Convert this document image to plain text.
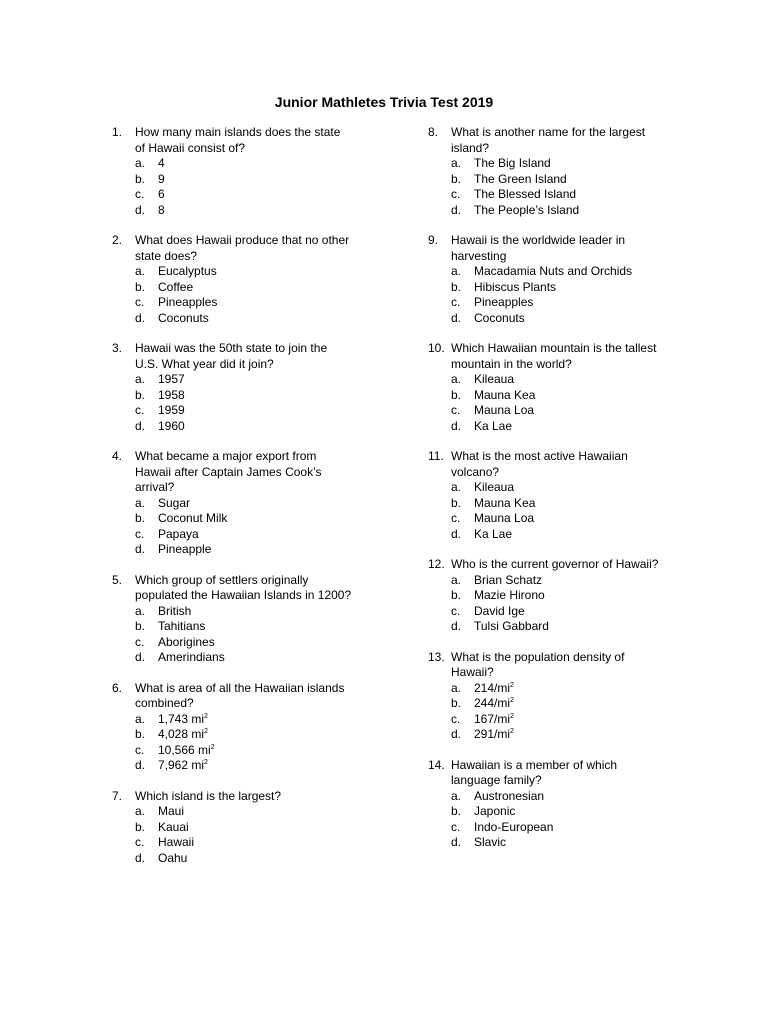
Junior Mathletes Trivia Test 2019
1. How many main islands does the state of Hawaii consist of?
a. 4
b. 9
c. 6
d. 8
2. What does Hawaii produce that no other state does?
a. Eucalyptus
b. Coffee
c. Pineapples
d. Coconuts
3. Hawaii was the 50th state to join the U.S. What year did it join?
a. 1957
b. 1958
c. 1959
d. 1960
4. What became a major export from Hawaii after Captain James Cook’s arrival?
a. Sugar
b. Coconut Milk
c. Papaya
d. Pineapple
5. Which group of settlers originally populated the Hawaiian Islands in 1200?
a. British
b. Tahitians
c. Aborigines
d. Amerindians
6. What is area of all the Hawaiian islands combined?
a. 1,743 $mi^2$
b. 4,028 $mi^2$
c. 10,566 $mi^2$
d. 7,962 $mi^2$
7. Which island is the largest?
a. Maui
b. Kauai
c. Hawaii
d. Oahu
8. What is another name for the largest island?
a. The Big Island
b. The Green Island
c. The Blessed Island
d. The People’s Island
9. Hawaii is the worldwide leader in harvesting
a. Macadamia Nuts and Orchids
b. Hibiscus Plants
c. Pineapples
d. Coconuts
10. Which Hawaiian mountain is the tallest mountain in the world?
a. Kileaua
b. Mauna Kea
c. Mauna Loa
d. Ka Lae
11. What is the most active Hawaiian volcano?
a. Kileaua
b. Mauna Kea
c. Mauna Loa
d. Ka Lae
12. Who is the current governor of Hawaii?
a. Brian Schatz
b. Mazie Hirono
c. David Ige
d. Tulsi Gabbard
13. What is the population density of Hawaii?
a. $214/mi^2$
b. $244/mi^2$
c. $167/mi^2$
d. $291/mi^2$
14. Hawaiian is a member of which language family?
a. Austronesian
b. Japonic
c. Indo-European
d. Slavic
